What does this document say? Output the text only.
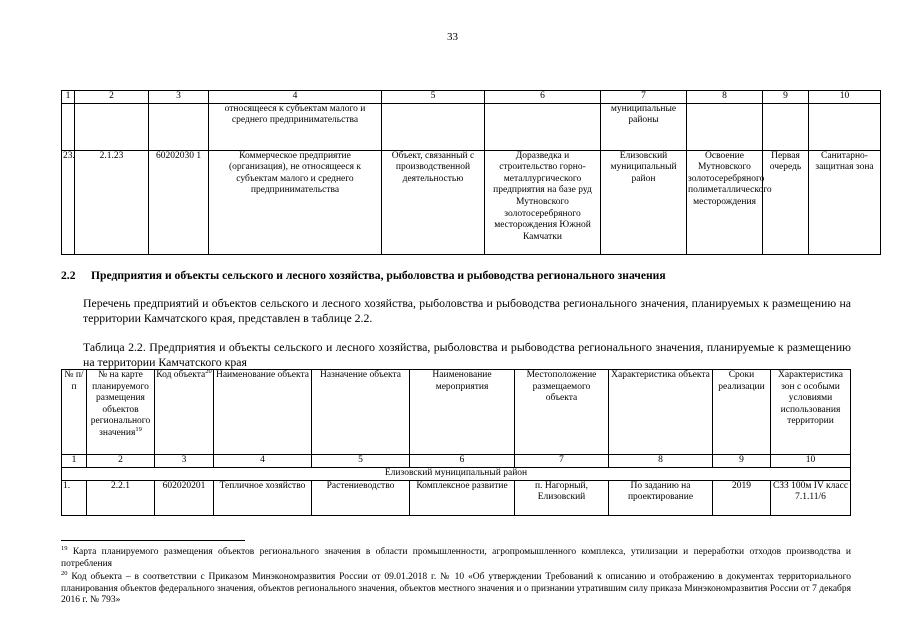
33
1	2	3	4	5	6	7	8	9	10
			относящееся к субъектам малого и среднего предпринимательства			муниципальные районы			
23.	2.1.23	60202030 1	Коммерческое предприятие (организация), не относящееся к субъектам малого и среднего предпринимательства	Объект, связанный с производственной деятельностью	Доразведка и строительство горно-металлургического предприятия на базе руд Мутновского золотосеребряного месторождения Южной Камчатки	Елизовский муниципальный район	Освоение Мутновского золотосеребряного полиметаллического месторождения	Первая очередь	Санитарно-защитная зона
2.2 Предприятия и объекты сельского и лесного хозяйства, рыболовства и рыбоводства регионального значения
Перечень предприятий и объектов сельского и лесного хозяйства, рыболовства и рыбоводства регионального значения, планируемых к размещению на территории Камчатского края, представлен в таблице 2.2.
Таблица 2.2. Предприятия и объекты сельского и лесного хозяйства, рыболовства и рыбоводства регионального значения, планируемые к размещению на территории Камчатского края
№ п/п	№ на карте планируемого размещения объектов регионального значения$^{19}$	Код объекта$^{20}$	Наименование объекта	Назначение объекта	Наименование мероприятия	Местоположение размещаемого объекта	Характеристика объекта	Сроки реализации	Характеристика зон с особыми условиями использования территории
1	2	3	4	5	6	7	8	9	10
Елизовский муниципальный район									
1.	2.2.1	602020201	Тепличное хозяйство	Растениеводство	Комплексное развитие	п. Нагорный, Елизовский	По заданию на проектирование	2019	СЗЗ 100м IV класс 7.1.11/6
$^{19}$ Карта планируемого размещения объектов регионального значения в области промышленности, агропромышленного комплекса, утилизации и переработки отходов производства и потребления
$^{20}$ Код объекта – в соответствии с Приказом Минэкономразвития России от 09.01.2018 г. № 10 «Об утверждении Требований к описанию и отображению в документах территориального планирования объектов федерального значения, объектов регионального значения, объектов местного значения и о признании утратившим силу приказа Минэкономразвития России от 7 декабря 2016 г. № 793»
